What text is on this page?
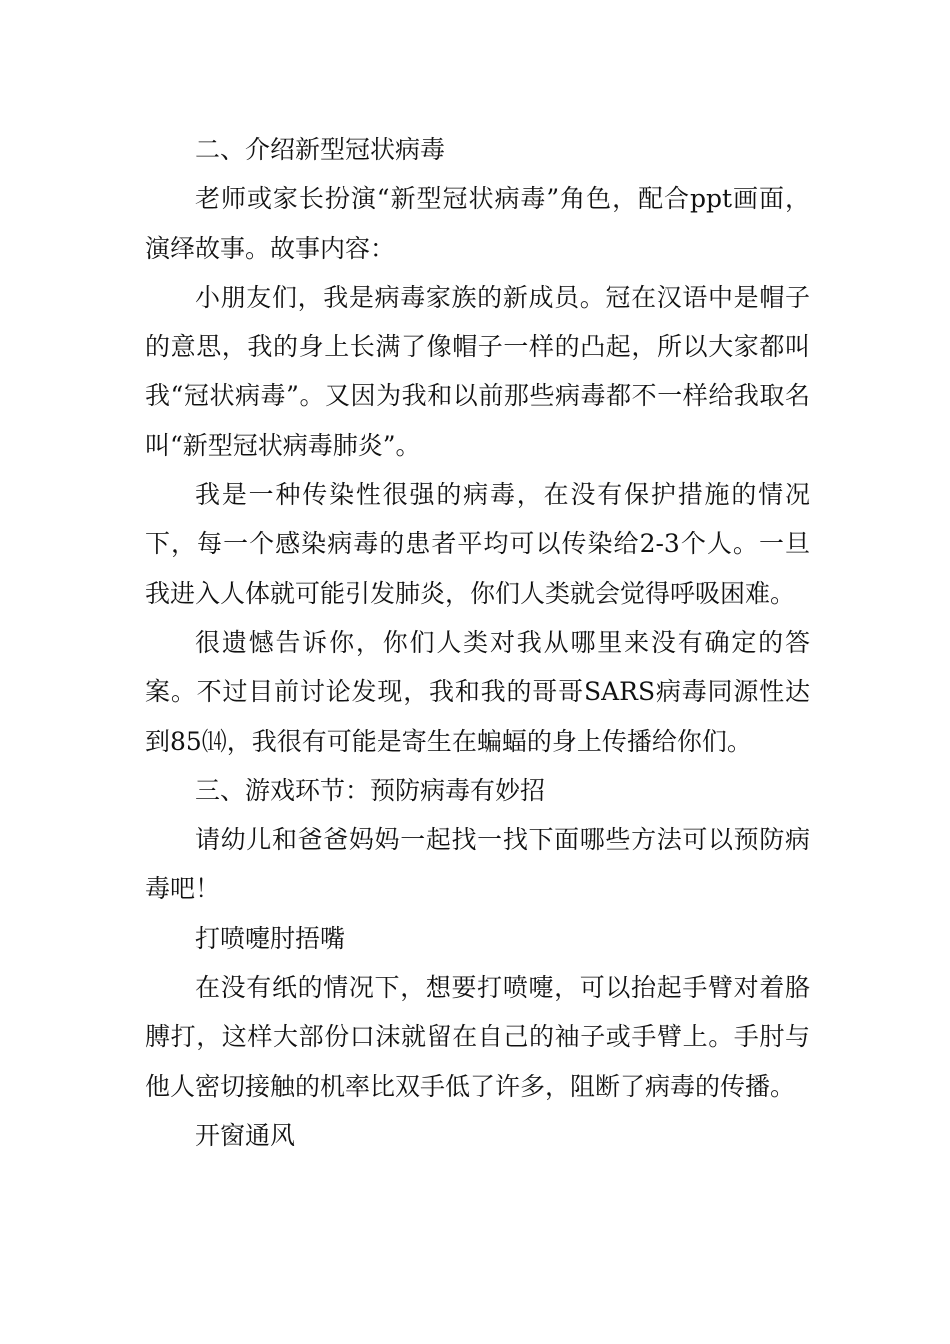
二、介绍新型冠状病毒

老师或家长扮演“新型冠状病毒”角色，配合ppt画面，演绎故事。故事内容：

小朋友们，我是病毒家族的新成员。冠在汉语中是帽子的意思，我的身上长满了像帽子一样的凸起，所以大家都叫我“冠状病毒”。又因为我和以前那些病毒都不一样给我取名叫“新型冠状病毒肺炎”。

我是一种传染性很强的病毒，在没有保护措施的情况下，每一个感染病毒的患者平均可以传染给2-3个人。一旦我进入人体就可能引发肺炎，你们人类就会觉得呼吸困难。

很遗憾告诉你，你们人类对我从哪里来没有确定的答案。不过目前讨论发现，我和我的哥哥SARS病毒同源性达到85⒁，我很有可能是寄生在蝙蝠的身上传播给你们。

三、游戏环节：预防病毒有妙招

请幼儿和爸爸妈妈一起找一找下面哪些方法可以预防病毒吧！

打喷嚏肘捂嘴

在没有纸的情况下，想要打喷嚏，可以抬起手臂对着胳膊打，这样大部份口沫就留在自己的袖子或手臂上。手肘与他人密切接触的机率比双手低了许多，阻断了病毒的传播。

开窗通风
